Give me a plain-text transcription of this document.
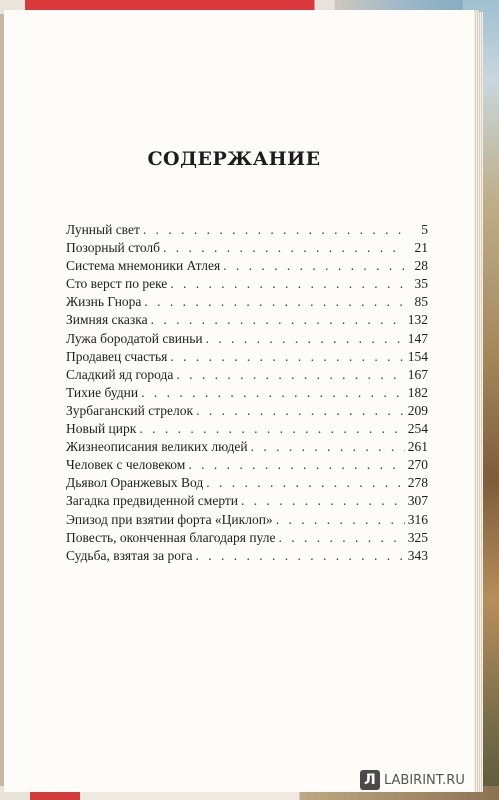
СОДЕРЖАНИЕ
Лунный свет . . .	5
Позорный столб . . .	21
Система мнемоники Атлея . . .	28
Сто верст по реке . . .	35
Жизнь Гнора . . .	85
Зимняя сказка . . .	132
Лужа бородатой свиньи . . .	147
Продавец счастья . . .	154
Сладкий яд города . . .	167
Тихие будни . . .	182
Зурбаганский стрелок . . .	209
Новый цирк . . .	254
Жизнеописания великих людей . . .	261
Человек с человеком . . .	270
Дьявол Оранжевых Вод . . .	278
Загадка предвиденной смерти . . .	307
Эпизод при взятии форта «Циклоп» . . .	316
Повесть, оконченная благодаря пуле . . .	325
Судьба, взятая за рога . . .	343
Л LABIRINT.RU
